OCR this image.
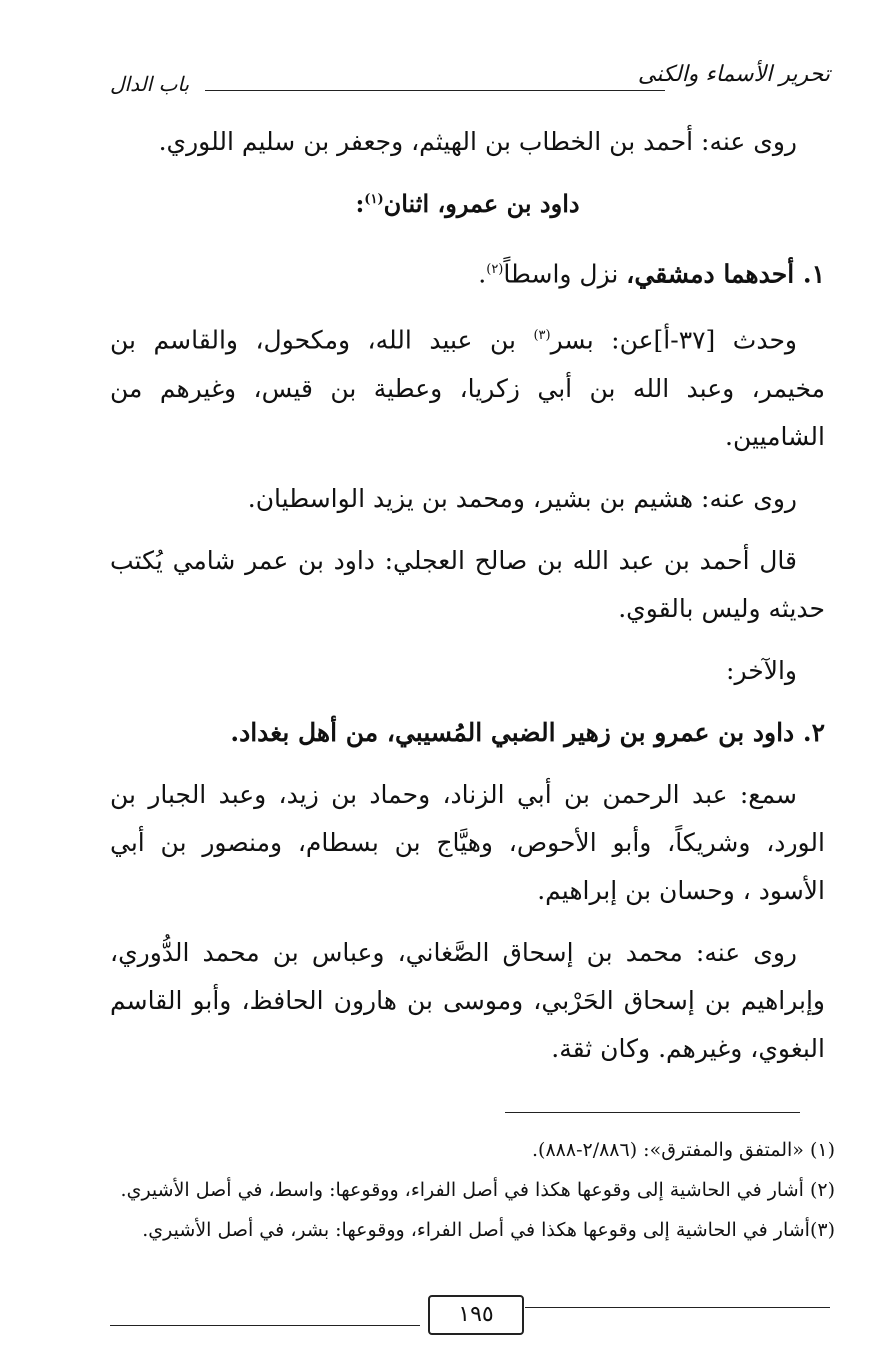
تحرير الأسماء والكنى
باب الدال

روى عنه: أحمد بن الخطاب بن الهيثم، وجعفر بن سليم اللوري.

داود بن عمرو، اثنان$^{(١)}$:

١. أحدهما دمشقي، نزل واسطاً$^{(٢)}$.

وحدث [٣٧-أ]عن: بسر$^{(٣)}$ بن عبيد الله، ومكحول، والقاسم بن مخيمر، وعبد الله بن أبي زكريا، وعطية بن قيس، وغيرهم من الشاميين.

روى عنه: هشيم بن بشير، ومحمد بن يزيد الواسطيان.

قال أحمد بن عبد الله بن صالح العجلي: داود بن عمر شامي يُكتب حديثه وليس بالقوي.

والآخر:

٢. داود بن عمرو بن زهير الضبي المُسيبي، من أهل بغداد.

سمع: عبد الرحمن بن أبي الزناد، وحماد بن زيد، وعبد الجبار بن الورد، وشريكاً، وأبو الأحوص، وهيَّاج بن بسطام، ومنصور بن أبي الأسود ، وحسان بن إبراهيم.

روى عنه: محمد بن إسحاق الصَّغاني، وعباس بن محمد الدُّوري، وإبراهيم بن إسحاق الحَرْبي، وموسى بن هارون الحافظ، وأبو القاسم البغوي، وغيرهم. وكان ثقة.

(١) «المتفق والمفترق»: (٢/٨٨٦-٨٨٨).

(٢) أشار في الحاشية إلى وقوعها هكذا في أصل الفراء، ووقوعها: واسط، في أصل الأشيري.

(٣)أشار في الحاشية إلى وقوعها هكذا في أصل الفراء، ووقوعها: بشر، في أصل الأشيري.

١٩٥
